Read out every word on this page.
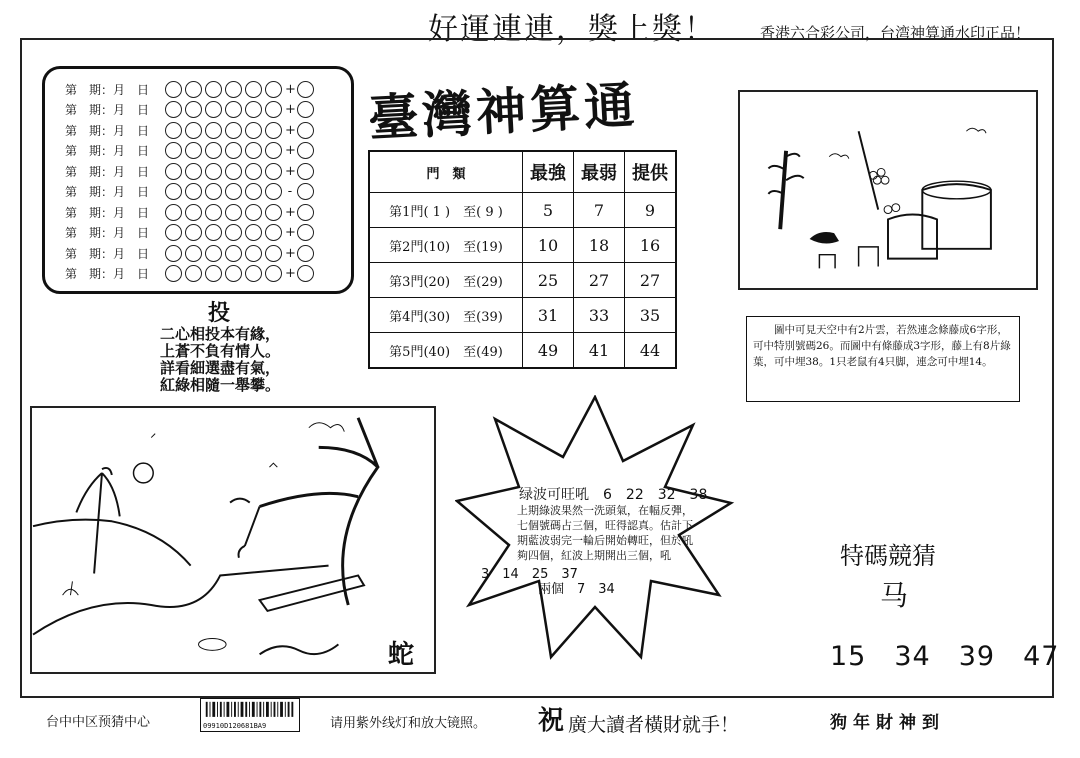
好運連連，獎上獎！	香港六合彩公司，台湾神算通水印正品！
第　期：月　日	+
第　期：月　日	+
第　期：月　日	+
第　期：月　日	+
第　期：月　日	+
第　期：月　日	-
第　期：月　日	+
第　期：月　日	+
第　期：月　日	+
第　期：月　日	+
臺灣神算通
門　類	最強	最弱	提供
第1門( 1 )　至( 9 )	5	7	9
第2門(10)　至(19)	10	18	16
第3門(20)　至(29)	25	27	27
第4門(30)　至(39)	31	33	35
第5門(40)　至(49)	49	41	44
投
二心相投本有緣，
上蒼不負有情人。
詳看細選盡有氣，
紅綠相隨一舉攀。
　　圖中可見天空中有2片雲，若然連念條藤成6字形，可中特別號碼26。而圖中有條藤成3字形，藤上有8片綠葉，可中埋38。1只老鼠有4只脚，連念可中埋14。
蛇
绿波可旺吼　6　22　32　38
上期綠波果然一洗頭氣，在幅反彈，七個號碼占三個，旺得認真。估計下期藍波弱完一輪后開始轉旺，但於吼夠四個，紅波上期開出三個，吼
3　14　25　37
兩個　7　34
特碼競猜
马
15　34　39　47
台中中区预猜中心	09910D120681BA9	请用紫外线灯和放大镜照。 祝 廣大讀者橫財就手！	狗年財神到
